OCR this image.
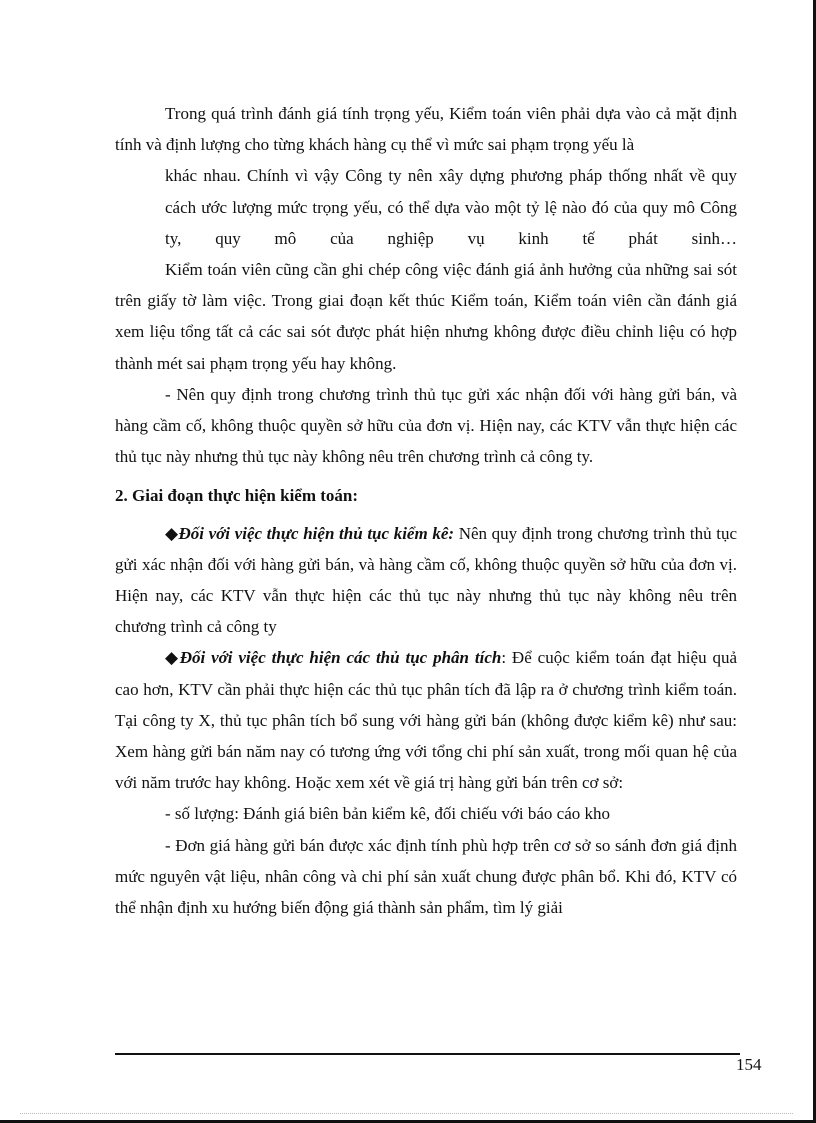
Trong quá trình đánh giá tính trọng yếu, Kiểm toán viên phải dựa vào cả mặt định tính và định lượng cho từng khách hàng cụ thể vì mức sai phạm trọng yếu là

khác nhau. Chính vì vậy Công ty nên xây dựng phương pháp thống nhất về quy cách ước lượng mức trọng yếu, có thể dựa vào một tỷ lệ nào đó của quy mô Công ty, quy mô của nghiệp vụ kinh tế phát sinh…

Kiểm toán viên cũng cần ghi chép công việc đánh giá ảnh hưởng của những sai sót trên giấy tờ làm việc. Trong giai đoạn kết thúc Kiểm toán, Kiểm toán viên cần đánh giá xem liệu tổng tất cả các sai sót được phát hiện nhưng không được điều chỉnh liệu có hợp thành mét sai phạm trọng yếu hay không.

- Nên quy định trong chương trình thủ tục gửi xác nhận đối với hàng gửi bán, và hàng cầm cố, không thuộc quyền sở hữu của đơn vị. Hiện nay, các KTV vẫn thực hiện các thủ tục này nhưng thủ tục này không nêu trên chương trình cả công ty.

2. Giai đoạn thực hiện kiểm toán:

◆Đối với việc thực hiện thủ tục kiểm kê: Nên quy định trong chương trình thủ tục gửi xác nhận đối với hàng gửi bán, và hàng cầm cố, không thuộc quyền sở hữu của đơn vị. Hiện nay, các KTV vẫn thực hiện các thủ tục này nhưng thủ tục này không nêu trên chương trình cả công ty

◆Đối với việc thực hiện các thủ tục phân tích: Để cuộc kiểm toán đạt hiệu quả cao hơn, KTV cần phải thực hiện các thủ tục phân tích đã lập ra ở chương trình kiểm toán. Tại công ty X, thủ tục phân tích bổ sung với hàng gửi bán (không được kiểm kê) như sau: Xem hàng gửi bán năm nay có tương ứng với tổng chi phí sản xuất, trong mối quan hệ của với năm trước hay không. Hoặc xem xét về giá trị hàng gửi bán trên cơ sở:

- số lượng: Đánh giá biên bản kiểm kê, đối chiếu với báo cáo kho

- Đơn giá hàng gửi bán được xác định tính phù hợp trên cơ sở so sánh đơn giá định mức nguyên vật liệu, nhân công và chi phí sản xuất chung được phân bổ. Khi đó, KTV có thể nhận định xu hướng biến động giá thành sản phẩm, tìm lý giải

154
